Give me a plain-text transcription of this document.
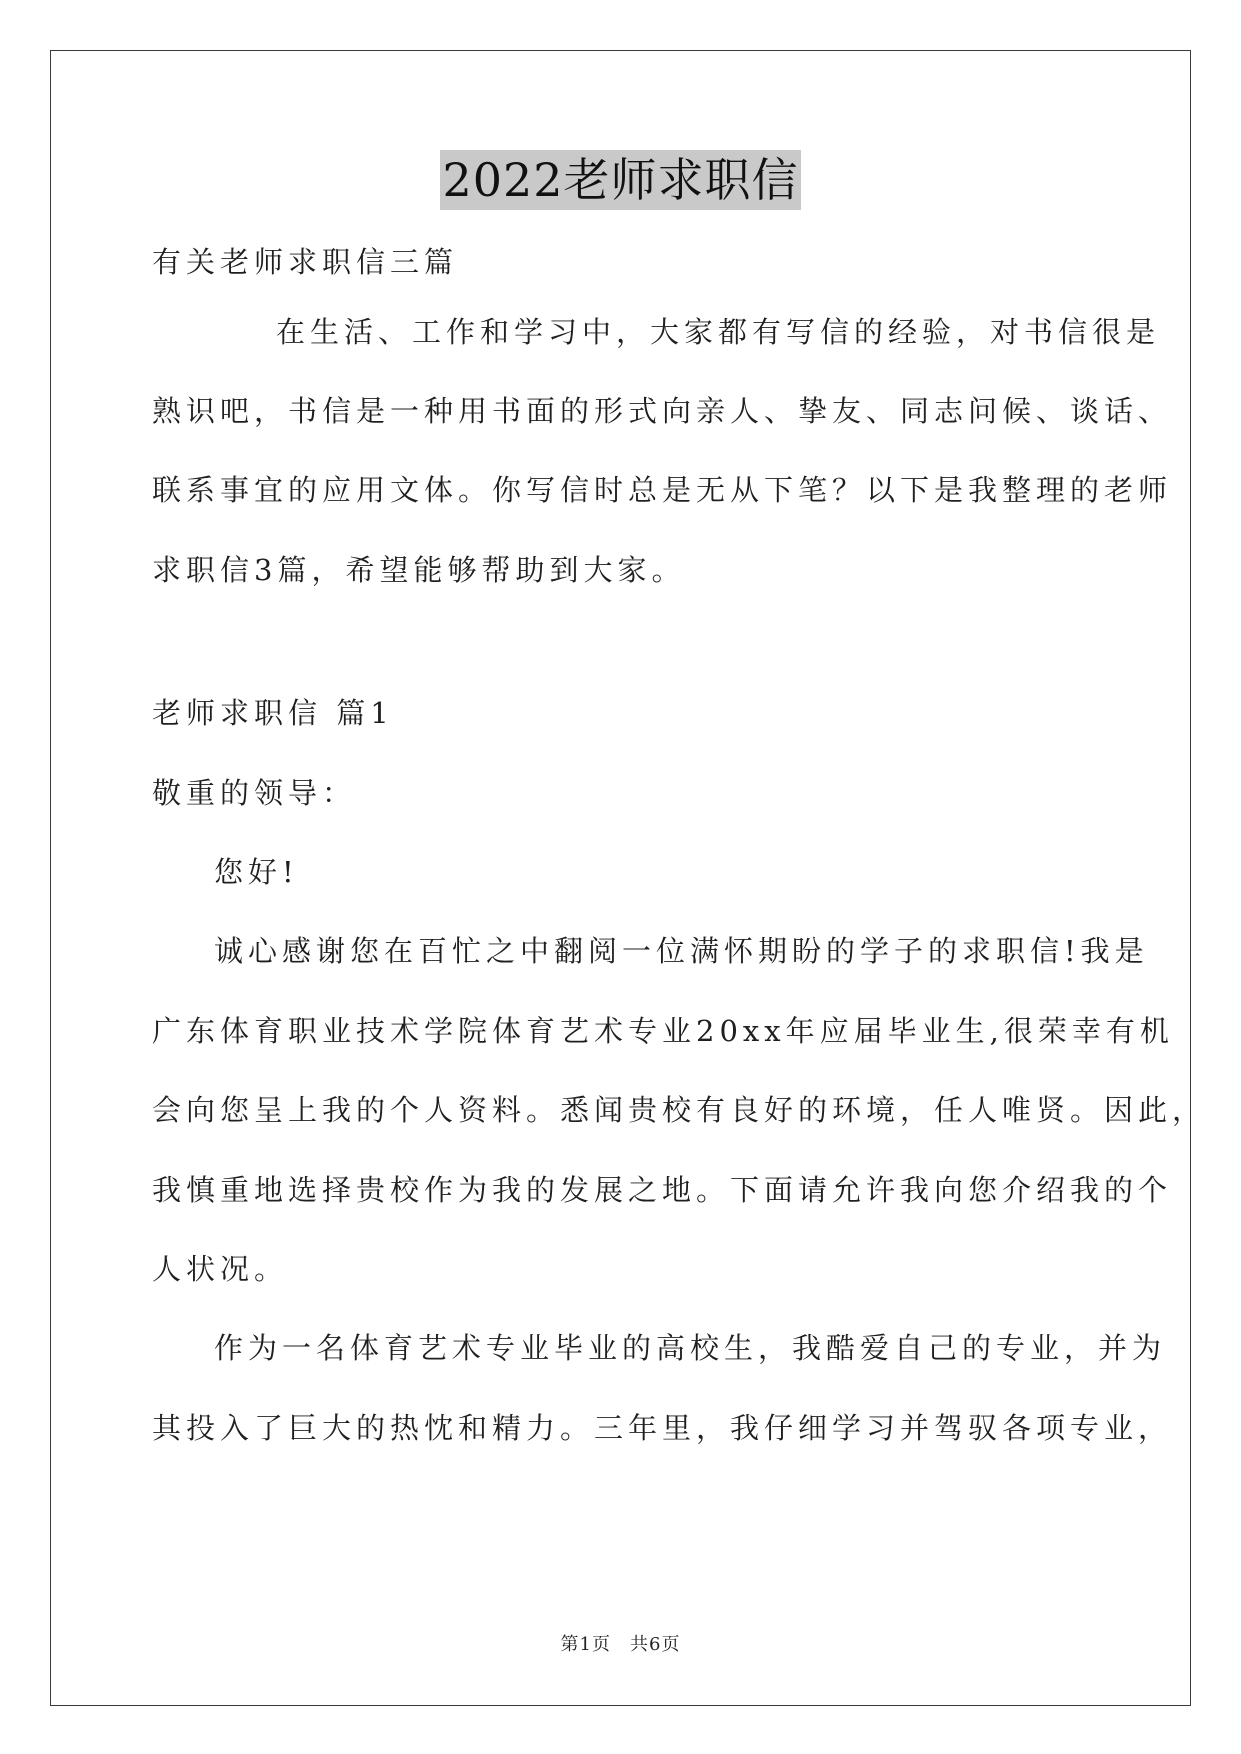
2022老师求职信
有关老师求职信三篇
在生活、工作和学习中，大家都有写信的经验，对书信很是
熟识吧，书信是一种用书面的形式向亲人、挚友、同志问候、谈话、
联系事宜的应用文体。你写信时总是无从下笔？以下是我整理的老师
求职信3篇，希望能够帮助到大家。
老师求职信 篇1
敬重的领导：
您好!
诚心感谢您在百忙之中翻阅一位满怀期盼的学子的求职信!我是
广东体育职业技术学院体育艺术专业20xx年应届毕业生,很荣幸有机
会向您呈上我的个人资料。悉闻贵校有良好的环境，任人唯贤。因此，
我慎重地选择贵校作为我的发展之地。下面请允许我向您介绍我的个
人状况。
作为一名体育艺术专业毕业的高校生，我酷爱自己的专业，并为
其投入了巨大的热忱和精力。三年里，我仔细学习并驾驭各项专业，
第1页　共6页
